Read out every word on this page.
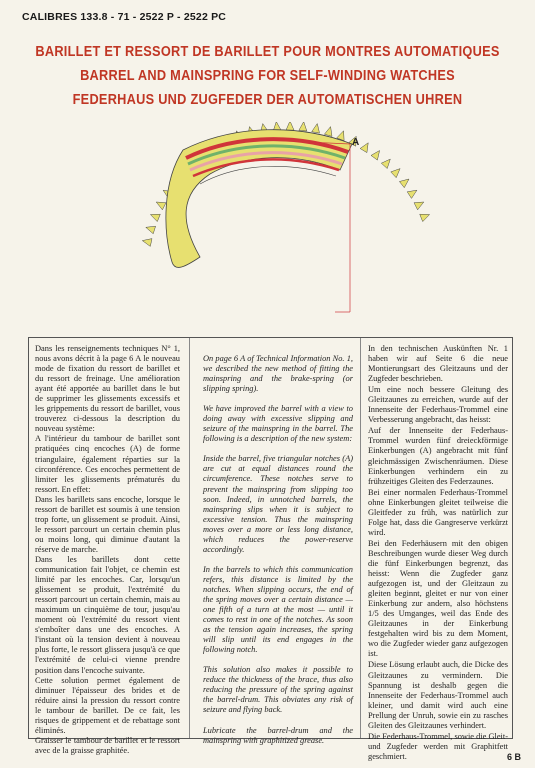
CALIBRES 133.8 - 71 - 2522 P - 2522 PC
BARILLET ET RESSORT DE BARILLET POUR MONTRES AUTOMATIQUES
BARREL AND MAINSPRING FOR SELF-WINDING WATCHES
FEDERHAUS UND ZUGFEDER DER AUTOMATISCHEN UHREN
A

Dans les renseignements techniques N° 1, nous avons décrit à la page 6 A le nouveau mode de fixation du ressort de barillet et du ressort de freinage. Une amélioration ayant été apportée au barillet dans le but de supprimer les glissements excessifs et les grippements du ressort de barillet, vous trouverez ci-dessous la description du nouveau système:

A l'intérieur du tambour de barillet sont pratiquées cinq encoches (A) de forme triangulaire, également réparties sur la circonférence. Ces encoches permettent de limiter les glissements prématurés du ressort. En effet:

Dans les barillets sans encoche, lorsque le ressort de barillet est soumis à une tension trop forte, un glissement se produit. Ainsi, le ressort parcourt un certain chemin plus ou moins long, qui diminue d'autant la réserve de marche.

Dans les barillets dont cette communication fait l'objet, ce chemin est limité par les encoches. Car, lorsqu'un glissement se produit, l'extrémité du ressort parcourt un certain chemin, mais au maximum un cinquième de tour, jusqu'au moment où l'extrémité du ressort vient s'emboîter dans une des encoches. A l'instant où la tension devient à nouveau plus forte, le ressort glissera jusqu'à ce que l'extrémité de celui-ci vienne prendre position dans l'encoche suivante.

Cette solution permet également de diminuer l'épaisseur des brides et de réduire ainsi la pression du ressort contre le tambour de barillet. De ce fait, les risques de grippement et de rebattage sont éliminés.

Graisser le tambour de barillet et le ressort avec de la graisse graphitée.

On page 6 A of Technical Information No. 1, we described the new method of fitting the mainspring and the brake-spring (or slipping spring).

We have improved the barrel with a view to doing away with excessive slipping and seizure of the mainspring in the barrel. The following is a description of the new system:

Inside the barrel, five triangular notches (A) are cut at equal distances round the circumference. These notches serve to prevent the mainspring from slipping too soon. Indeed, in unnotched barrels, the mainspring slips when it is subject to excessive tension. Thus the mainspring moves over a more or less long distance, which reduces the power-reserve accordingly.

In the barrels to which this communication refers, this distance is limited by the notches. When slipping occurs, the end of the spring moves over a certain distance — one fifth of a turn at the most — until it comes to rest in one of the notches. As soon as the tension again increases, the spring will slip until its end engages in the following notch.

This solution also makes it possible to reduce the thickness of the brace, thus also reducing the pressure of the spring against the barrel-drum. This obviates any risk of seizure and flying back.

Lubricate the barrel-drum and the mainspring with graphitized grease.

In den technischen Auskünften Nr. 1 haben wir auf Seite 6 die neue Montierungsart des Gleitzauns und der Zugfeder beschrieben.

Um eine noch bessere Gleitung des Gleitzaunes zu erreichen, wurde auf der Innenseite der Federhaus-Trommel eine Verbesserung angebracht, das heisst:

Auf der Innenseite der Federhaus-Trommel wurden fünf dreieckförmige Einkerbungen (A) angebracht mit fünf gleichmässigen Zwischenräumen. Diese Einkerbungen verhindern ein zu frühzeitiges Gleiten des Federzaunes.

Bei einer normalen Federhaus-Trommel ohne Einkerbungen gleitet teilweise die Gleitfeder zu früh, was natürlich zur Folge hat, dass die Gangreserve verkürzt wird.

Bei den Federhäusern mit den obigen Beschreibungen wurde dieser Weg durch die fünf Einkerbungen begrenzt, das heisst: Wenn die Zugfeder ganz aufgezogen ist, und der Gleitzaun zu gleiten beginnt, gleitet er nur von einer Einkerbung zur andern, also höchstens 1/5 des Umganges, weil das Ende des Gleitzaunes in der Einkerbung festgehalten wird bis zu dem Moment, wo die Zugfeder wieder ganz aufgezogen ist.

Diese Lösung erlaubt auch, die Dicke des Gleitzaunes zu vermindern. Die Spannung ist deshalb gegen die Innenseite der Federhaus-Trommel auch kleiner, und damit wird auch eine Prellung der Unruh, sowie ein zu rasches Gleiten des Gleitzaunes verhindert.

Die Federhaus-Trommel, sowie die Gleit- und Zugfeder werden mit Graphitfett geschmiert.	6 B
